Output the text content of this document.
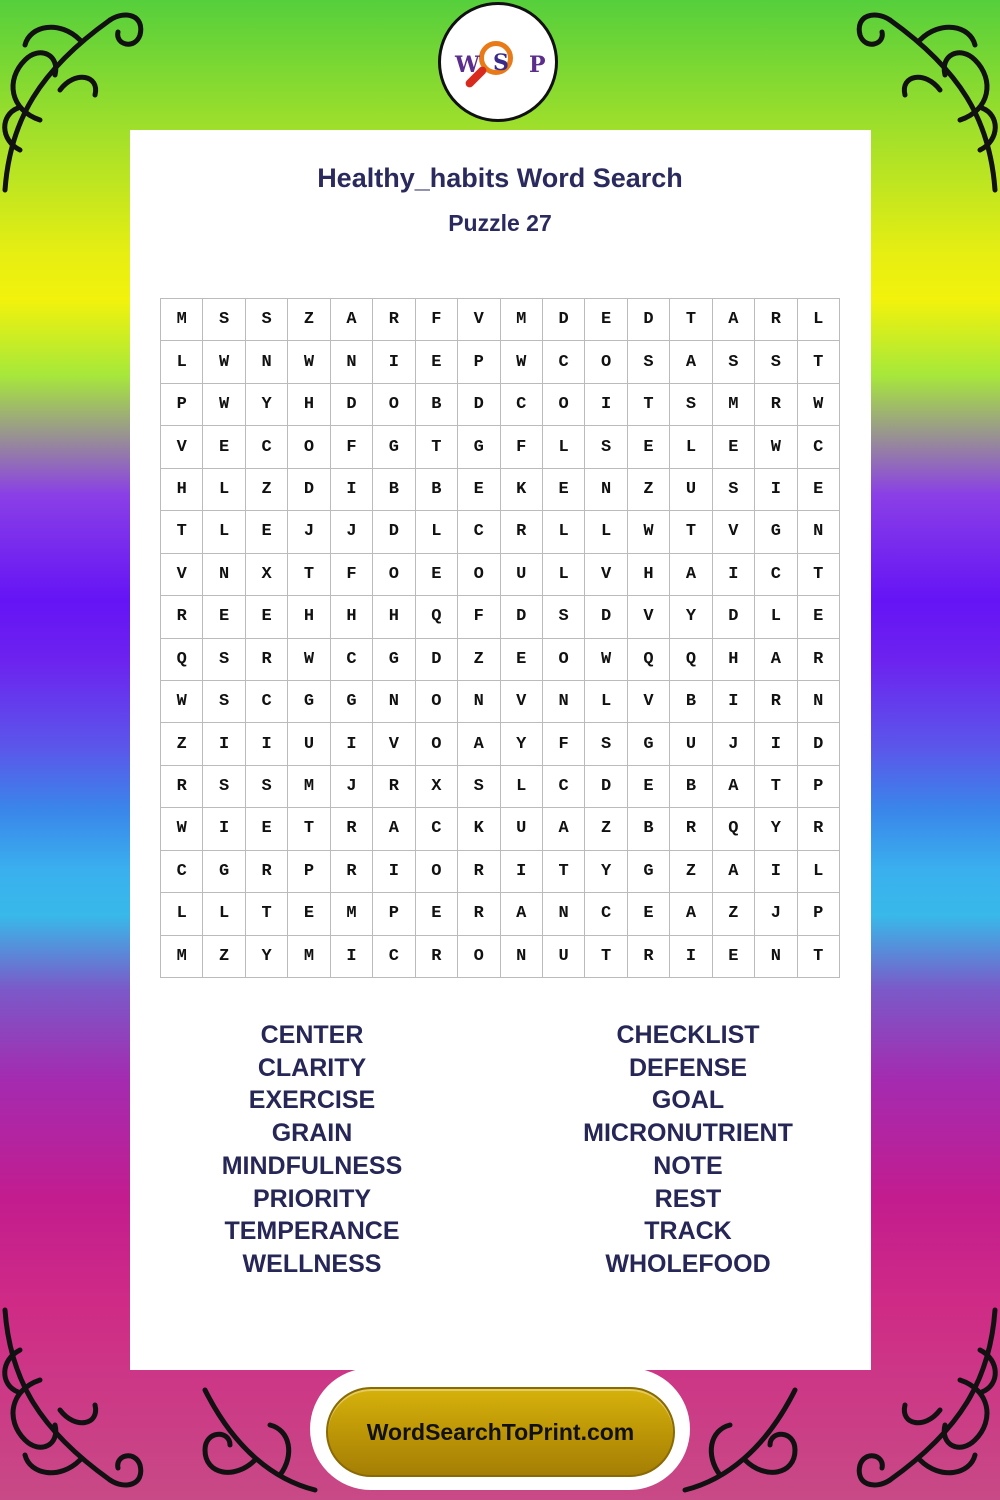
W S P
Healthy_habits Word Search
Puzzle 27
M	S	S	Z	A	R	F	V	M	D	E	D	T	A	R	L
L	W	N	W	N	I	E	P	W	C	O	S	A	S	S	T
P	W	Y	H	D	O	B	D	C	O	I	T	S	M	R	W
V	E	C	O	F	G	T	G	F	L	S	E	L	E	W	C
H	L	Z	D	I	B	B	E	K	E	N	Z	U	S	I	E
T	L	E	J	J	D	L	C	R	L	L	W	T	V	G	N
V	N	X	T	F	O	E	O	U	L	V	H	A	I	C	T
R	E	E	H	H	H	Q	F	D	S	D	V	Y	D	L	E
Q	S	R	W	C	G	D	Z	E	O	W	Q	Q	H	A	R
W	S	C	G	G	N	O	N	V	N	L	V	B	I	R	N
Z	I	I	U	I	V	O	A	Y	F	S	G	U	J	I	D
R	S	S	M	J	R	X	S	L	C	D	E	B	A	T	P
W	I	E	T	R	A	C	K	U	A	Z	B	R	Q	Y	R
C	G	R	P	R	I	O	R	I	T	Y	G	Z	A	I	L
L	L	T	E	M	P	E	R	A	N	C	E	A	Z	J	P
M	Z	Y	M	I	C	R	O	N	U	T	R	I	E	N	T
CENTER
CLARITY
EXERCISE
GRAIN
MINDFULNESS
PRIORITY
TEMPERANCE
WELLNESS
CHECKLIST
DEFENSE
GOAL
MICRONUTRIENT
NOTE
REST
TRACK
WHOLEFOOD
WordSearchToPrint.com
